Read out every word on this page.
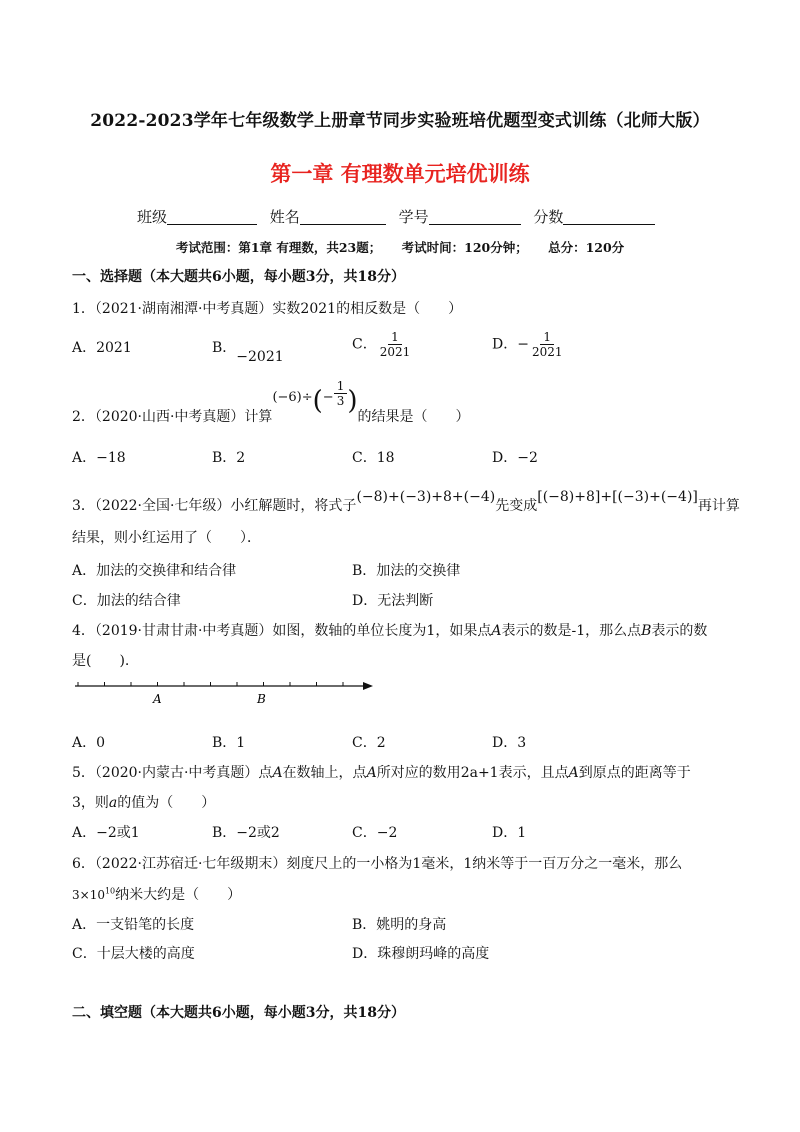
2022-2023学年七年级数学上册章节同步实验班培优题型变式训练（北师大版）
第一章 有理数单元培优训练
班级	姓名	学号	分数
考试范围：第1章 有理数，共23题； 考试时间：120分钟； 总分：120分
一、选择题（本大题共6小题，每小题3分，共18分）
1．（2021·湖南湘潭·中考真题）实数2021的相反数是（　　）
A．2021	B．−2021
C． $\frac{1}{2021}$	D．− $\frac{1}{2021}$
2．（2020·山西·中考真题）计算$(-6)\div(- \frac{1}{3}$ )的结果是（　　）
A．−18	B．2	C．18	D．−2
3．（2022·全国·七年级）小红解题时，将式子(−8)+(−3)+8+(−4)先变成[(−8)+8]+[(−3)+(−4)]再计算
结果，则小红运用了（　　）．
A．加法的交换律和结合律	B．加法的交换律
C．加法的结合律	D．无法判断
4．（2019·甘肃甘肃·中考真题）如图，数轴的单位长度为1，如果点A表示的数是-1，那么点B表示的数
是(　　).
A	B
A．0	B．1	C．2	D．3
5．（2020·内蒙古·中考真题）点A在数轴上，点A所对应的数用2a+1表示，且点A到原点的距离等于
3，则a的值为（　　）
A．−2或1	B．−2或2	C．−2	D．1
6．（2022·江苏宿迁·七年级期末）刻度尺上的一小格为1毫米，1纳米等于一百万分之一毫米，那么
$3\times 10^{10}$纳米大约是（　　）
A．一支铅笔的长度	B．姚明的身高
C．十层大楼的高度	D．珠穆朗玛峰的高度
二、填空题（本大题共6小题，每小题3分，共18分）
